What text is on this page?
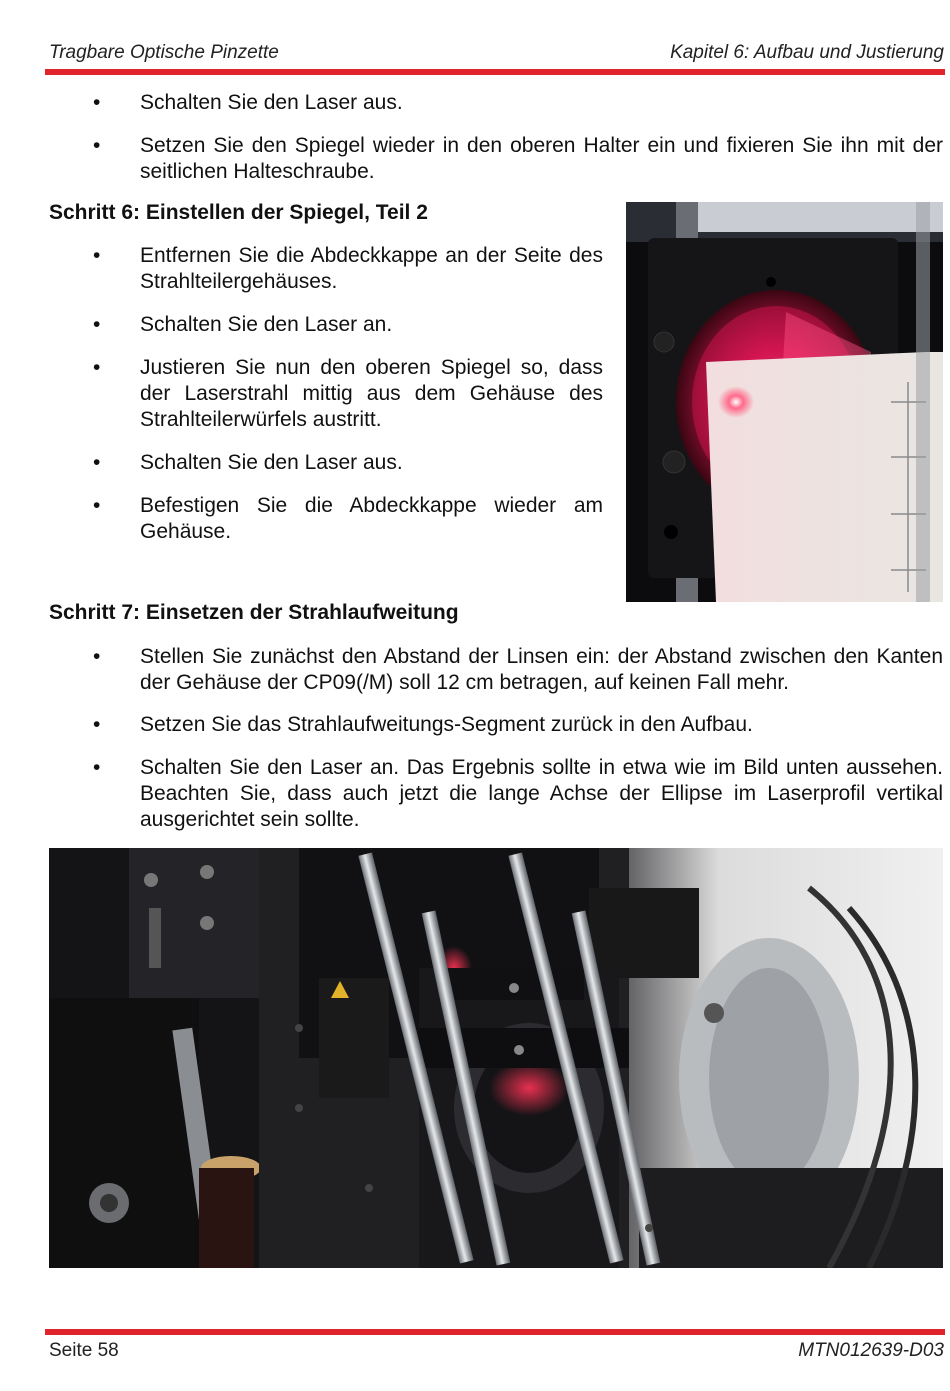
Tragbare Optische Pinzette	Kapitel 6: Aufbau und Justierung
• Schalten Sie den Laser aus.
• Setzen Sie den Spiegel wieder in den oberen Halter ein und fixieren Sie ihn mit der seitlichen Halteschraube.
Schritt 6: Einstellen der Spiegel, Teil 2
• Entfernen Sie die Abdeckkappe an der Seite des Strahlteilergehäuses.
• Schalten Sie den Laser an.
• Justieren Sie nun den oberen Spiegel so, dass der Laserstrahl mittig aus dem Gehäuse des Strahlteilerwürfels austritt.
• Schalten Sie den Laser aus.
• Befestigen Sie die Abdeckkappe wieder am Gehäuse.
Schritt 7: Einsetzen der Strahlaufweitung
• Stellen Sie zunächst den Abstand der Linsen ein: der Abstand zwischen den Kanten der Gehäuse der CP09(/M) soll 12 cm betragen, auf keinen Fall mehr.
• Setzen Sie das Strahlaufweitungs-Segment zurück in den Aufbau.
• Schalten Sie den Laser an. Das Ergebnis sollte in etwa wie im Bild unten aussehen. Beachten Sie, dass auch jetzt die lange Achse der Ellipse im Laserprofil vertikal ausgerichtet sein sollte.
Seite 58	MTN012639-D03
